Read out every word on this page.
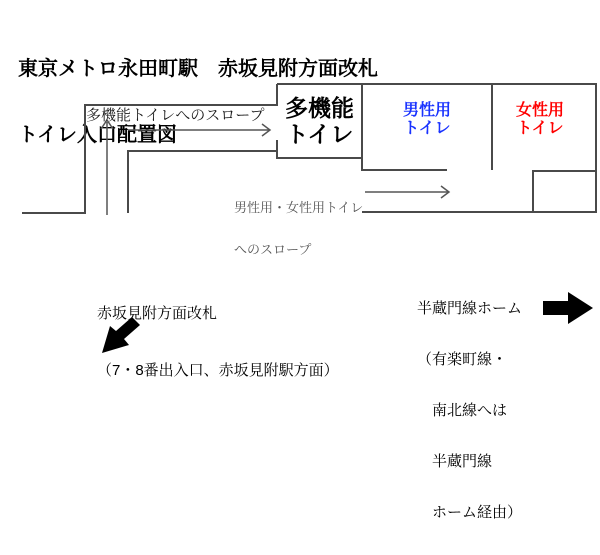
東京メトロ永田町駅　赤坂見附方面改札

トイレ入口配置図

多機能トイレへのスロープ 多機能
トイレ
男性用
トイレ
女性用
トイレ

男性用・女性用トイレ

へのスロープ

赤坂見附方面改札

（7・8番出入口、赤坂見附駅方面）

半蔵門線ホーム

（有楽町線・

　南北線へは

　半蔵門線

　ホーム経由）
